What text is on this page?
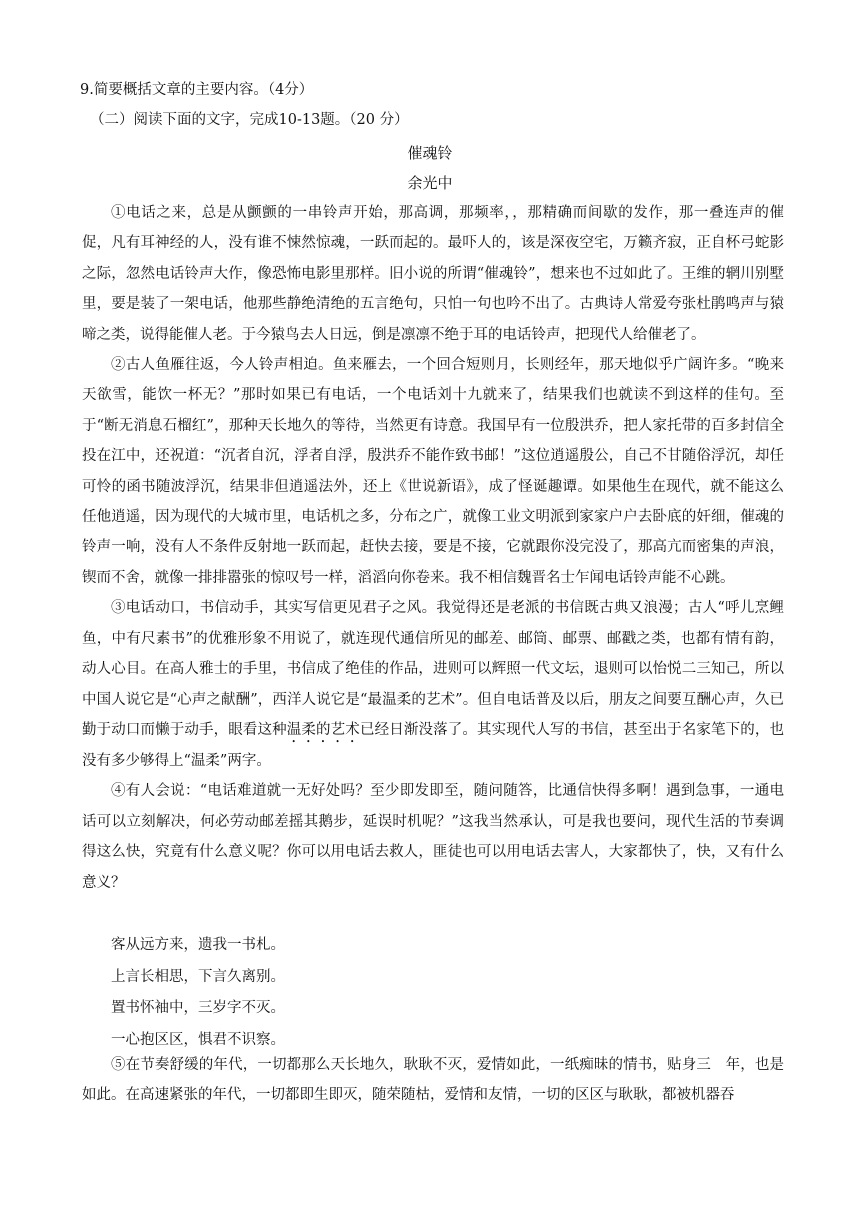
9.简要概括文章的主要内容。（4分）
（二）阅读下面的文字，完成10-13题。（20 分）
催魂铃
余光中

①电话之来，总是从颤颤的一串铃声开始，那高调，那频率，，那精确而间歇的发作，那一叠连声的催促，凡有耳神经的人，没有谁不悚然惊魂，一跃而起的。最吓人的，该是深夜空宅，万籁齐寂，正自杯弓蛇影之际，忽然电话铃声大作，像恐怖电影里那样。旧小说的所谓“催魂铃”，想来也不过如此了。王维的辋川别墅里，要是装了一架电话，他那些静绝清绝的五言绝句，只怕一句也吟不出了。古典诗人常爱夸张杜鹃鸣声与猿啼之类，说得能催人老。于今猿鸟去人日远，倒是凛凛不绝于耳的电话铃声，把现代人给催老了。

②古人鱼雁往返，今人铃声相迫。鱼来雁去，一个回合短则月，长则经年，那天地似乎广阔许多。“晚来天欲雪，能饮一杯无？”那时如果已有电话，一个电话刘十九就来了，结果我们也就读不到这样的佳句。至于“断无消息石榴红”，那种天长地久的等待，当然更有诗意。我国早有一位殷洪乔，把人家托带的百多封信全投在江中，还祝道：“沉者自沉，浮者自浮，殷洪乔不能作致书邮！”这位逍遥殷公，自己不甘随俗浮沉，却任可怜的函书随波浮沉，结果非但逍遥法外，还上《世说新语》，成了怪诞趣谭。如果他生在现代，就不能这么任他逍遥，因为现代的大城市里，电话机之多，分布之广，就像工业文明派到家家户户去卧底的奸细，催魂的铃声一响，没有人不条件反射地一跃而起，赶快去接，要是不接，它就跟你没完没了，那高亢而密集的声浪，锲而不舍，就像一排排嚣张的惊叹号一样，滔滔向你卷来。我不相信魏晋名士乍闻电话铃声能不心跳。

③电话动口，书信动手，其实写信更见君子之风。我觉得还是老派的书信既古典又浪漫；古人“呼儿烹鲤鱼，中有尺素书”的优雅形象不用说了，就连现代通信所见的邮差、邮筒、邮票、邮戳之类，也都有情有韵，动人心目。在高人雅士的手里，书信成了绝佳的作品，进则可以辉照一代文坛，退则可以怡悦二三知己，所以中国人说它是“心声之献酬”，西洋人说它是“最温柔的艺术”。但自电话普及以后，朋友之间要互酬心声，久已勤于动口而懒于动手，眼看这种温柔的艺术已经日渐没落了。其实现代人写的书信，甚至出于名家笔下的，也没有多少够得上“温柔”两字。

④有人会说：“电话难道就一无好处吗？至少即发即至，随问随答，比通信快得多啊！遇到急事，一通电话可以立刻解决，何必劳动邮差摇其鹅步，延误时机呢？”这我当然承认，可是我也要问，现代生活的节奏调得这么快，究竟有什么意义呢？你可以用电话去救人，匪徒也可以用电话去害人，大家都快了，快，又有什么意义？

客从远方来，遗我一书札。
上言长相思，下言久离别。
置书怀袖中，三岁字不灭。
一心抱区区，惧君不识察。

⑤在节奏舒缓的年代，一切都那么天长地久，耿耿不灭，爱情如此，一纸痴昧的情书，贴身三　年，也是如此。在高速紧张的年代，一切都即生即灭，随荣随枯，爱情和友情，一切的区区与耿耿，都被机器吞
